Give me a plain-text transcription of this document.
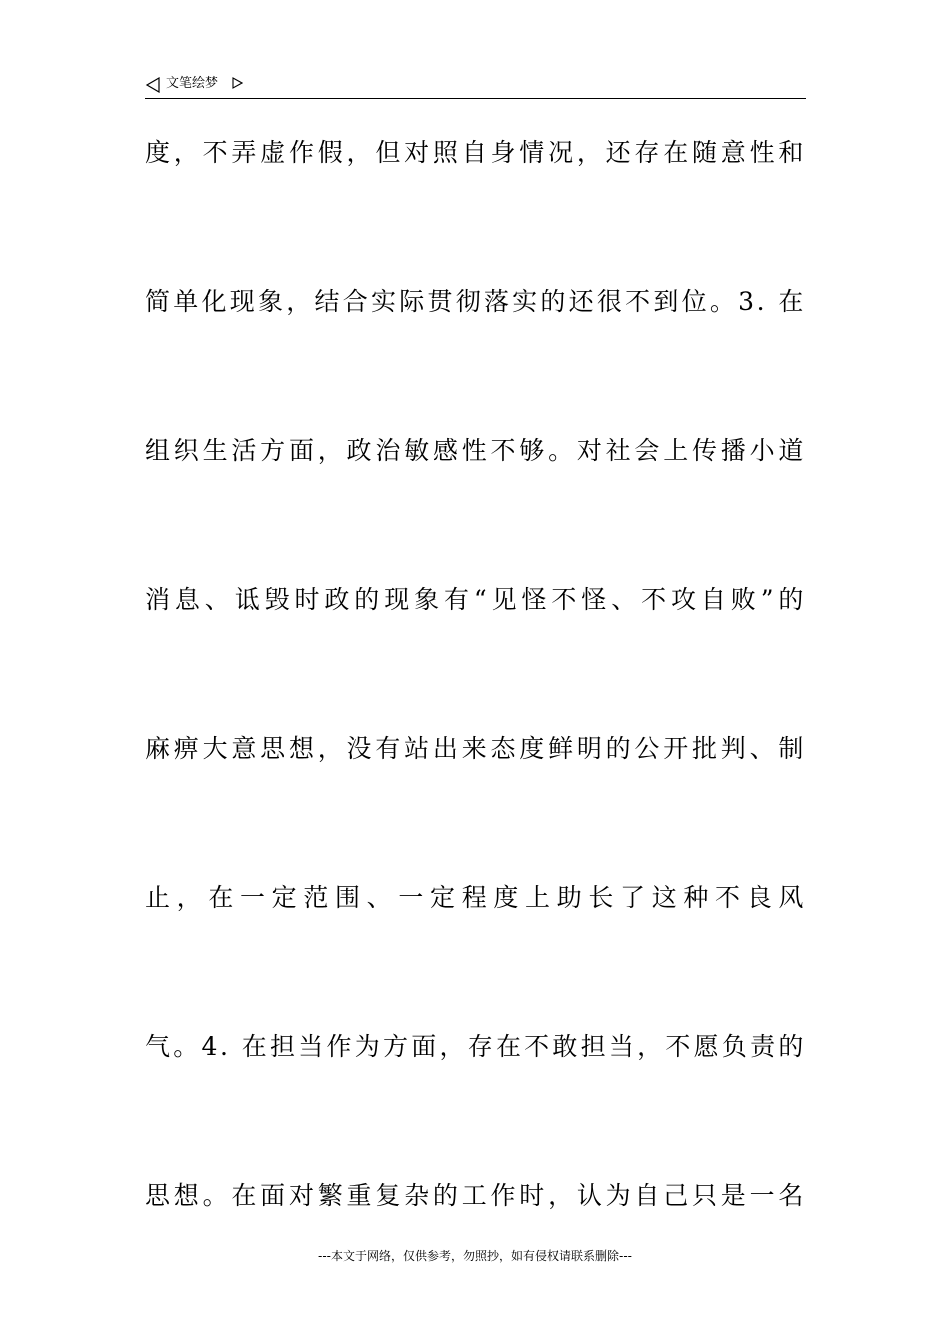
文笔绘梦
度，不弄虚作假，但对照自身情况，还存在随意性和
简单化现象，结合实际贯彻落实的还很不到位。3. 在
组织生活方面，政治敏感性不够。对社会上传播小道
消息、诋毁时政的现象有“见怪不怪、不攻自败”的
麻痹大意思想，没有站出来态度鲜明的公开批判、制
止，在一定范围、一定程度上助长了这种不良风
气。4. 在担当作为方面，存在不敢担当，不愿负责的
思想。在面对繁重复杂的工作时，认为自己只是一名
---本文于网络，仅供参考，勿照抄，如有侵权请联系删除---
